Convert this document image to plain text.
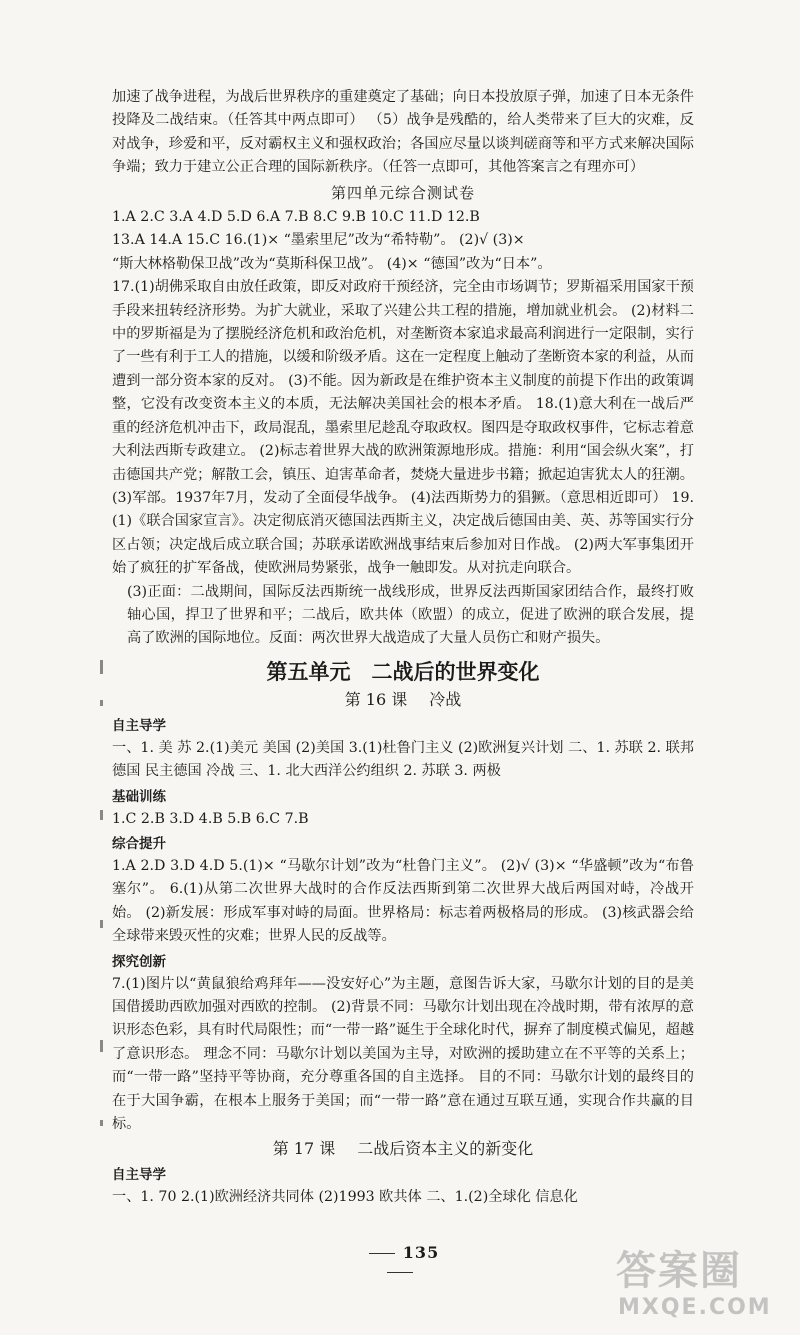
加速了战争进程，为战后世界秩序的重建奠定了基础；向日本投放原子弹，加速了日本无条件投降及二战结束。（任答其中两点即可） （5）战争是残酷的，给人类带来了巨大的灾难，反对战争，珍爱和平，反对霸权主义和强权政治；各国应尽量以谈判磋商等和平方式来解决国际争端；致力于建立公正合理的国际新秩序。（任答一点即可，其他答案言之有理亦可）

第四单元综合测试卷

1.A 2.C 3.A 4.D 5.D 6.A 7.B 8.C 9.B 10.C 11.D 12.B

13.A 14.A 15.C 16.(1)× “墨索里尼”改为“希特勒”。 (2)√ (3)×

“斯大林格勒保卫战”改为“莫斯科保卫战”。 (4)× “德国”改为“日本”。

17.(1)胡佛采取自由放任政策，即反对政府干预经济，完全由市场调节；罗斯福采用国家干预手段来扭转经济形势。为扩大就业，采取了兴建公共工程的措施，增加就业机会。 (2)材料二中的罗斯福是为了摆脱经济危机和政治危机，对垄断资本家追求最高利润进行一定限制，实行了一些有利于工人的措施，以缓和阶级矛盾。这在一定程度上触动了垄断资本家的利益，从而遭到一部分资本家的反对。 (3)不能。因为新政是在维护资本主义制度的前提下作出的政策调整，它没有改变资本主义的本质，无法解决美国社会的根本矛盾。 18.(1)意大利在一战后严重的经济危机冲击下，政局混乱，墨索里尼趁乱夺取政权。图四是夺取政权事件，它标志着意大利法西斯专政建立。 (2)标志着世界大战的欧洲策源地形成。措施：利用“国会纵火案”，打击德国共产党；解散工会，镇压、迫害革命者，焚烧大量进步书籍；掀起迫害犹太人的狂潮。 (3)军部。1937年7月，发动了全面侵华战争。 (4)法西斯势力的猖獗。（意思相近即可） 19.(1)《联合国家宣言》。决定彻底消灭德国法西斯主义，决定战后德国由美、英、苏等国实行分区占领；决定战后成立联合国；苏联承诺欧洲战事结束后参加对日作战。 (2)两大军事集团开始了疯狂的扩军备战，使欧洲局势紧张，战争一触即发。从对抗走向联合。

(3)正面：二战期间，国际反法西斯统一战线形成，世界反法西斯国家团结合作，最终打败轴心国，捍卫了世界和平；二战后，欧共体（欧盟）的成立，促进了欧洲的联合发展，提高了欧洲的国际地位。反面：两次世界大战造成了大量人员伤亡和财产损失。

第五单元　二战后的世界变化
第 16 课 冷战
自主导学

一、1. 美 苏 2.(1)美元 美国 (2)美国 3.(1)杜鲁门主义 (2)欧洲复兴计划 二、1. 苏联 2. 联邦德国 民主德国 冷战 三、1. 北大西洋公约组织 2. 苏联 3. 两极

基础训练

1.C 2.B 3.D 4.B 5.B 6.C 7.B

综合提升

1.A 2.D 3.D 4.D 5.(1)× “马歇尔计划”改为“杜鲁门主义”。 (2)√ (3)× “华盛顿”改为“布鲁塞尔”。 6.(1)从第二次世界大战时的合作反法西斯到第二次世界大战后两国对峙，冷战开始。 (2)新发展：形成军事对峙的局面。世界格局：标志着两极格局的形成。 (3)核武器会给全球带来毁灭性的灾难；世界人民的反战等。

探究创新

7.(1)图片以“黄鼠狼给鸡拜年——没安好心”为主题，意图告诉大家，马歇尔计划的目的是美国借援助西欧加强对西欧的控制。 (2)背景不同：马歇尔计划出现在冷战时期，带有浓厚的意识形态色彩，具有时代局限性；而“一带一路”诞生于全球化时代，摒弃了制度模式偏见，超越了意识形态。 理念不同：马歇尔计划以美国为主导，对欧洲的援助建立在不平等的关系上；而“一带一路”坚持平等协商，充分尊重各国的自主选择。 目的不同：马歇尔计划的最终目的在于大国争霸，在根本上服务于美国；而“一带一路”意在通过互联互通，实现合作共赢的目标。

第 17 课 二战后资本主义的新变化
自主导学

一、1. 70 2.(1)欧洲经济共同体 (2)1993 欧共体 二、1.(2)全球化 信息化

135	答案圈
MXQE.COM
